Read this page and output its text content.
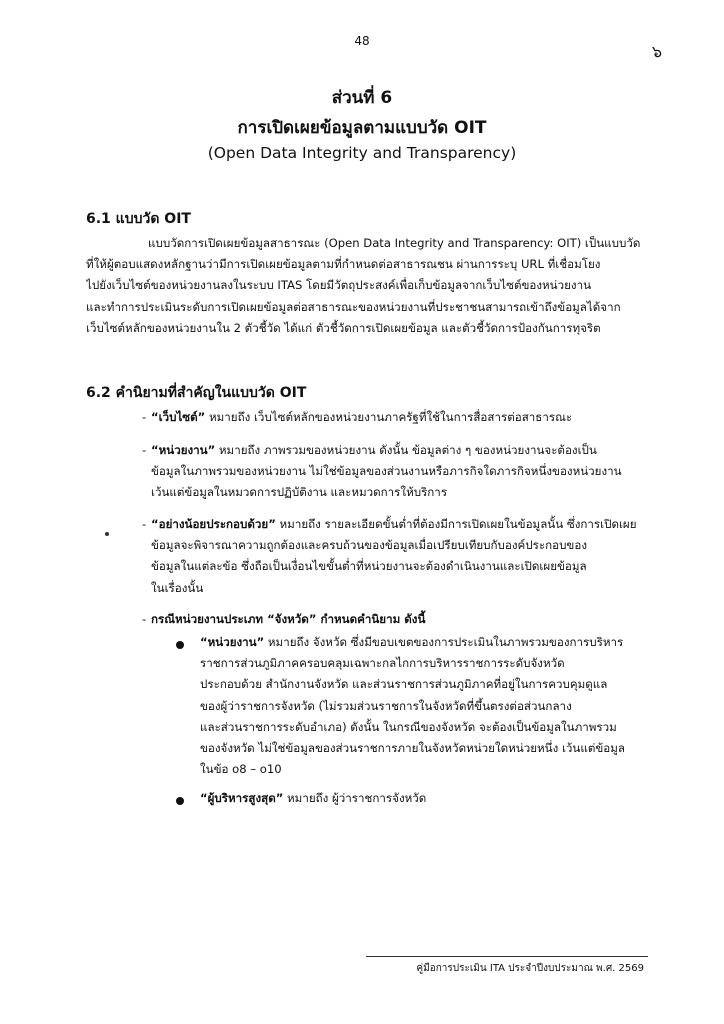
48
๖
ส่วนที่ 6
การเปิดเผยข้อมูลตามแบบวัด OIT
(Open Data Integrity and Transparency)
6.1 แบบวัด OIT
แบบวัดการเปิดเผยข้อมูลสาธารณะ (Open Data Integrity and Transparency: OIT) เป็นแบบวัด
ที่ให้ผู้ตอบแสดงหลักฐานว่ามีการเปิดเผยข้อมูลตามที่กำหนดต่อสาธารณชน ผ่านการระบุ URL ที่เชื่อมโยง
ไปยังเว็บไซต์ของหน่วยงานลงในระบบ ITAS โดยมีวัตถุประสงค์เพื่อเก็บข้อมูลจากเว็บไซต์ของหน่วยงาน
และทำการประเมินระดับการเปิดเผยข้อมูลต่อสาธารณะของหน่วยงานที่ประชาชนสามารถเข้าถึงข้อมูลได้จาก
เว็บไซต์หลักของหน่วยงานใน 2 ตัวชี้วัด ได้แก่ ตัวชี้วัดการเปิดเผยข้อมูล และตัวชี้วัดการป้องกันการทุจริต
6.2 คำนิยามที่สำคัญในแบบวัด OIT
- “เว็บไซต์” หมายถึง เว็บไซต์หลักของหน่วยงานภาครัฐที่ใช้ในการสื่อสารต่อสาธารณะ
- “หน่วยงาน” หมายถึง ภาพรวมของหน่วยงาน ดังนั้น ข้อมูลต่าง ๆ ของหน่วยงานจะต้องเป็น
ข้อมูลในภาพรวมของหน่วยงาน ไม่ใช่ข้อมูลของส่วนงานหรือภารกิจใดภารกิจหนึ่งของหน่วยงาน
เว้นแต่ข้อมูลในหมวดการปฏิบัติงาน และหมวดการให้บริการ
- “อย่างน้อยประกอบด้วย” หมายถึง รายละเอียดขั้นต่ำที่ต้องมีการเปิดเผยในข้อมูลนั้น ซึ่งการเปิดเผย
ข้อมูลจะพิจารณาความถูกต้องและครบถ้วนของข้อมูลเมื่อเปรียบเทียบกับองค์ประกอบของ
ข้อมูลในแต่ละข้อ ซึ่งถือเป็นเงื่อนไขขั้นต่ำที่หน่วยงานจะต้องดำเนินงานและเปิดเผยข้อมูล
ในเรื่องนั้น
- กรณีหน่วยงานประเภท “จังหวัด” กำหนดคำนิยาม ดังนี้
“หน่วยงาน” หมายถึง จังหวัด ซึ่งมีขอบเขตของการประเมินในภาพรวมของการบริหาร
ราชการส่วนภูมิภาคครอบคลุมเฉพาะกลไกการบริหารราชการระดับจังหวัด
ประกอบด้วย สำนักงานจังหวัด และส่วนราชการส่วนภูมิภาคที่อยู่ในการควบคุมดูแล
ของผู้ว่าราชการจังหวัด (ไม่รวมส่วนราชการในจังหวัดที่ขึ้นตรงต่อส่วนกลาง
และส่วนราชการระดับอำเภอ) ดังนั้น ในกรณีของจังหวัด จะต้องเป็นข้อมูลในภาพรวม
ของจังหวัด ไม่ใช่ข้อมูลของส่วนราชการภายในจังหวัดหน่วยใดหน่วยหนึ่ง เว้นแต่ข้อมูล
ในข้อ o8 – o10
“ผู้บริหารสูงสุด” หมายถึง ผู้ว่าราชการจังหวัด
คู่มือการประเมิน ITA ประจำปีงบประมาณ พ.ศ. 2569
